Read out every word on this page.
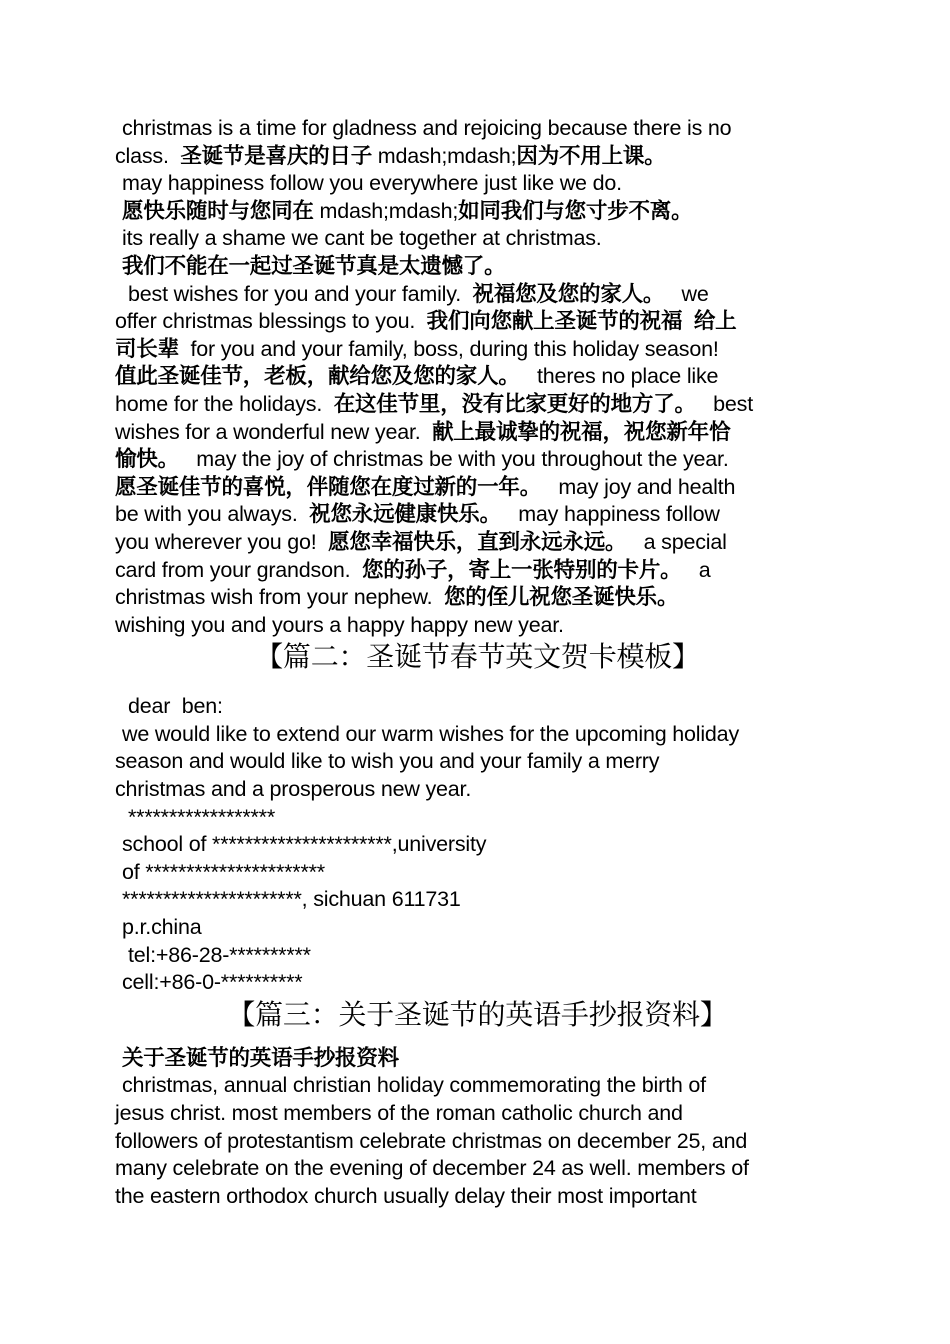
christmas is a time for gladness and rejoicing because there is no

class. 圣诞节是喜庆的日子 mdash;mdash;因为不用上课。

may happiness follow you everywhere just like we do.

愿快乐随时与您同在 mdash;mdash;如同我们与您寸步不离。

its really a shame we cant be together at christmas.

我们不能在一起过圣诞节真是太遗憾了。

best wishes for you and your family. 祝福您及您的家人。 we

offer christmas blessings to you. 我们向您献上圣诞节的祝福 给上

司长辈 for you and your family, boss, during this holiday season!

值此圣诞佳节，老板，献给您及您的家人。 theres no place like

home for the holidays. 在这佳节里，没有比家更好的地方了。 best

wishes for a wonderful new year. 献上最诚挚的祝福，祝您新年恰

愉快。 may the joy of christmas be with you throughout the year.

愿圣诞佳节的喜悦，伴随您在度过新的一年。 may joy and health

be with you always. 祝您永远健康快乐。 may happiness follow

you wherever you go! 愿您幸福快乐，直到永远永远。 a special

card from your grandson. 您的孙子，寄上一张特别的卡片。 a

christmas wish from your nephew. 您的侄儿祝您圣诞快乐。

wishing you and yours a happy happy new year.

【篇二：圣诞节春节英文贺卡模板】

dear  ben:

we would like to extend our warm wishes for the upcoming holiday

season and would like to wish you and your family a merry

christmas and a prosperous new year.

******************

school of **********************,university

of **********************

**********************, sichuan 611731

p.r.china

tel:+86-28-**********

cell:+86-0-**********

【篇三：关于圣诞节的英语手抄报资料】

关于圣诞节的英语手抄报资料

christmas, annual christian holiday commemorating the birth of

jesus christ. most members of the roman catholic church and

followers of protestantism celebrate christmas on december 25, and

many celebrate on the evening of december 24 as well. members of

the eastern orthodox church usually delay their most important
